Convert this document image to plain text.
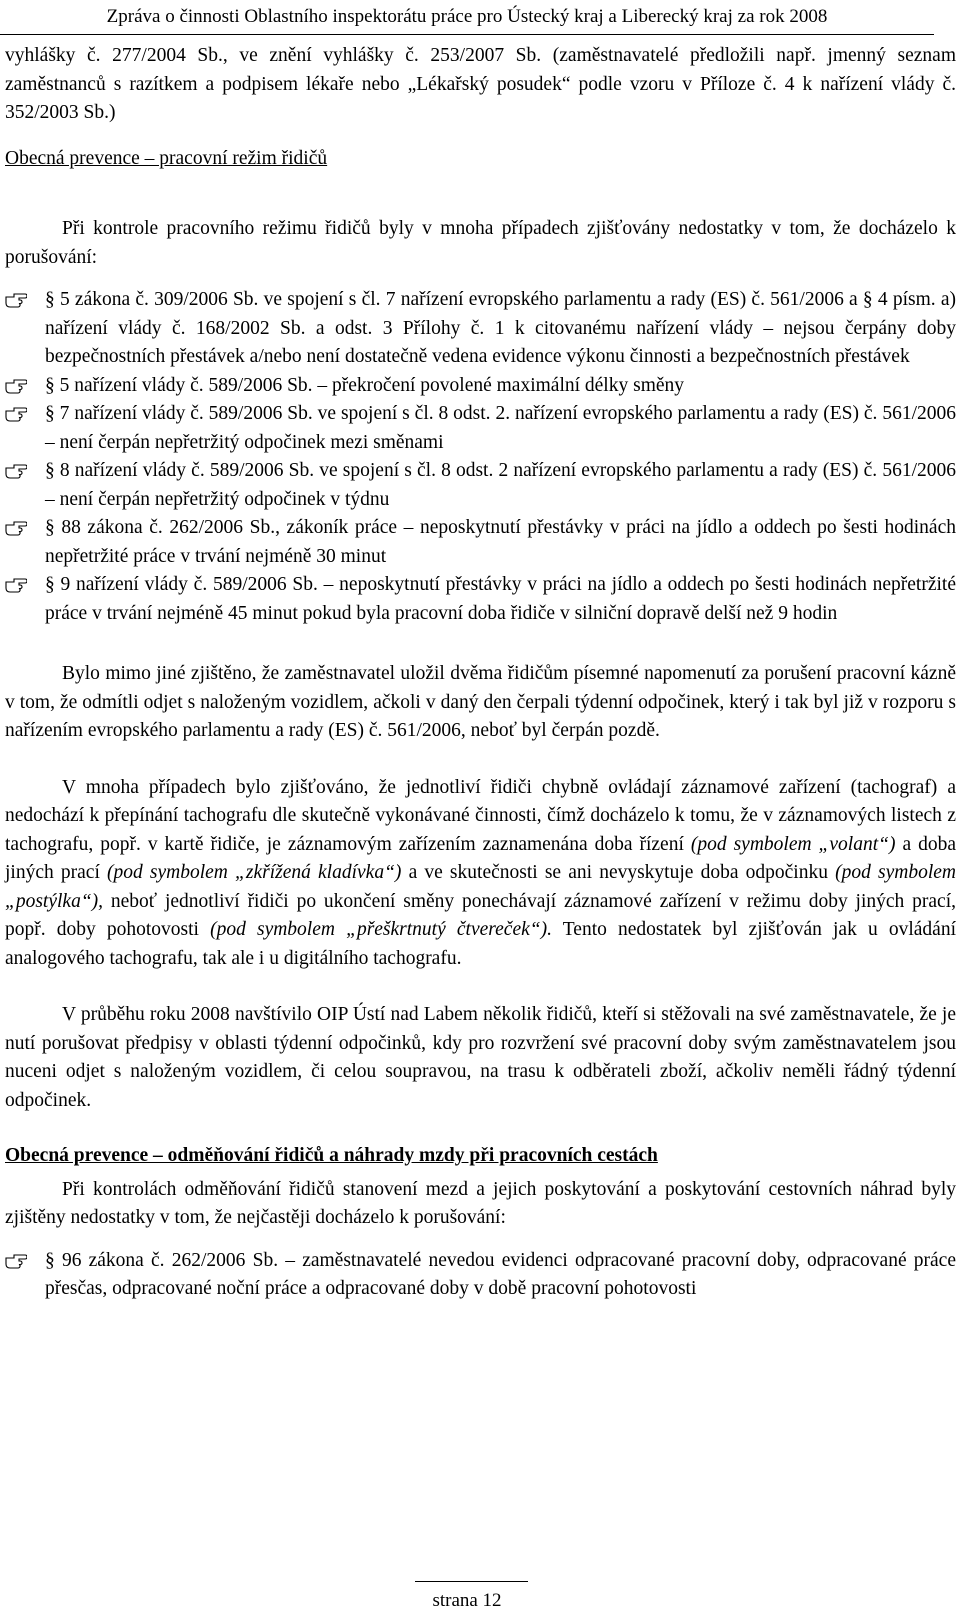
Zpráva o činnosti Oblastního inspektorátu práce pro Ústecký kraj a Liberecký kraj za rok 2008

vyhlášky č. 277/2004 Sb., ve znění vyhlášky č. 253/2007 Sb. (zaměstnavatelé předložili např. jmenný seznam zaměstnanců s razítkem a podpisem lékaře nebo „Lékařský posudek“ podle vzoru v Příloze č. 4 k nařízení vlády č. 352/2003 Sb.)

Obecná prevence – pracovní režim řidičů

Při kontrole pracovního režimu řidičů byly v mnoha případech zjišťovány nedostatky v tom, že docházelo k porušování:

§ 5 zákona č. 309/2006 Sb. ve spojení s čl. 7 nařízení evropského parlamentu a rady (ES) č. 561/2006 a § 4 písm. a) nařízení vlády č. 168/2002 Sb. a odst. 3 Přílohy č. 1 k citovanému nařízení vlády – nejsou čerpány doby bezpečnostních přestávek a/nebo není dostatečně vedena evidence výkonu činnosti a bezpečnostních přestávek
§ 5 nařízení vlády č. 589/2006 Sb. – překročení povolené maximální délky směny
§ 7 nařízení vlády č. 589/2006 Sb. ve spojení s čl. 8 odst. 2. nařízení evropského parlamentu a rady (ES) č. 561/2006 – není čerpán nepřetržitý odpočinek mezi směnami
§ 8 nařízení vlády č. 589/2006 Sb. ve spojení s čl. 8 odst. 2 nařízení evropského parlamentu a rady (ES) č. 561/2006 – není čerpán nepřetržitý odpočinek v týdnu
§ 88 zákona č. 262/2006 Sb., zákoník práce – neposkytnutí přestávky v práci na jídlo a oddech po šesti hodinách nepřetržité práce v trvání nejméně 30 minut
§ 9 nařízení vlády č. 589/2006 Sb. – neposkytnutí přestávky v práci na jídlo a oddech po šesti hodinách nepřetržité práce v trvání nejméně 45 minut pokud byla pracovní doba řidiče v silniční dopravě delší než 9 hodin

Bylo mimo jiné zjištěno, že zaměstnavatel uložil dvěma řidičům písemné napomenutí za porušení pracovní kázně v tom, že odmítli odjet s naloženým vozidlem, ačkoli v daný den čerpali týdenní odpočinek, který i tak byl již v rozporu s nařízením evropského parlamentu a rady (ES) č. 561/2006, neboť byl čerpán pozdě.

V mnoha případech bylo zjišťováno, že jednotliví řidiči chybně ovládají záznamové zařízení (tachograf) a nedochází k přepínání tachografu dle skutečně vykonávané činnosti, čímž docházelo k tomu, že v záznamových listech z tachografu, popř. v kartě řidiče, je záznamovým zařízením zaznamenána doba řízení (pod symbolem „volant“) a doba jiných prací (pod symbolem „zkřížená kladívka“) a ve skutečnosti se ani nevyskytuje doba odpočinku (pod symbolem „postýlka“), neboť jednotliví řidiči po ukončení směny ponechávají záznamové zařízení v režimu doby jiných prací, popř. doby pohotovosti (pod symbolem „přeškrtnutý čtvereček“). Tento nedostatek byl zjišťován jak u ovládání analogového tachografu, tak ale i u digitálního tachografu.

V průběhu roku 2008 navštívilo OIP Ústí nad Labem několik řidičů, kteří si stěžovali na své zaměstnavatele, že je nutí porušovat předpisy v oblasti týdenní odpočinků, kdy pro rozvržení své pracovní doby svým zaměstnavatelem jsou nuceni odjet s naloženým vozidlem, či celou soupravou, na trasu k odběrateli zboží, ačkoliv neměli řádný týdenní odpočinek.

Obecná prevence – odměňování řidičů a náhrady mzdy při pracovních cestách

Při kontrolách odměňování řidičů stanovení mezd a jejich poskytování a poskytování cestovních náhrad byly zjištěny nedostatky v tom, že nejčastěji docházelo k porušování:

§ 96 zákona č. 262/2006 Sb. – zaměstnavatelé nevedou evidenci odpracované pracovní doby, odpracované práce přesčas, odpracované noční práce a odpracované doby v době pracovní pohotovosti
strana 12
